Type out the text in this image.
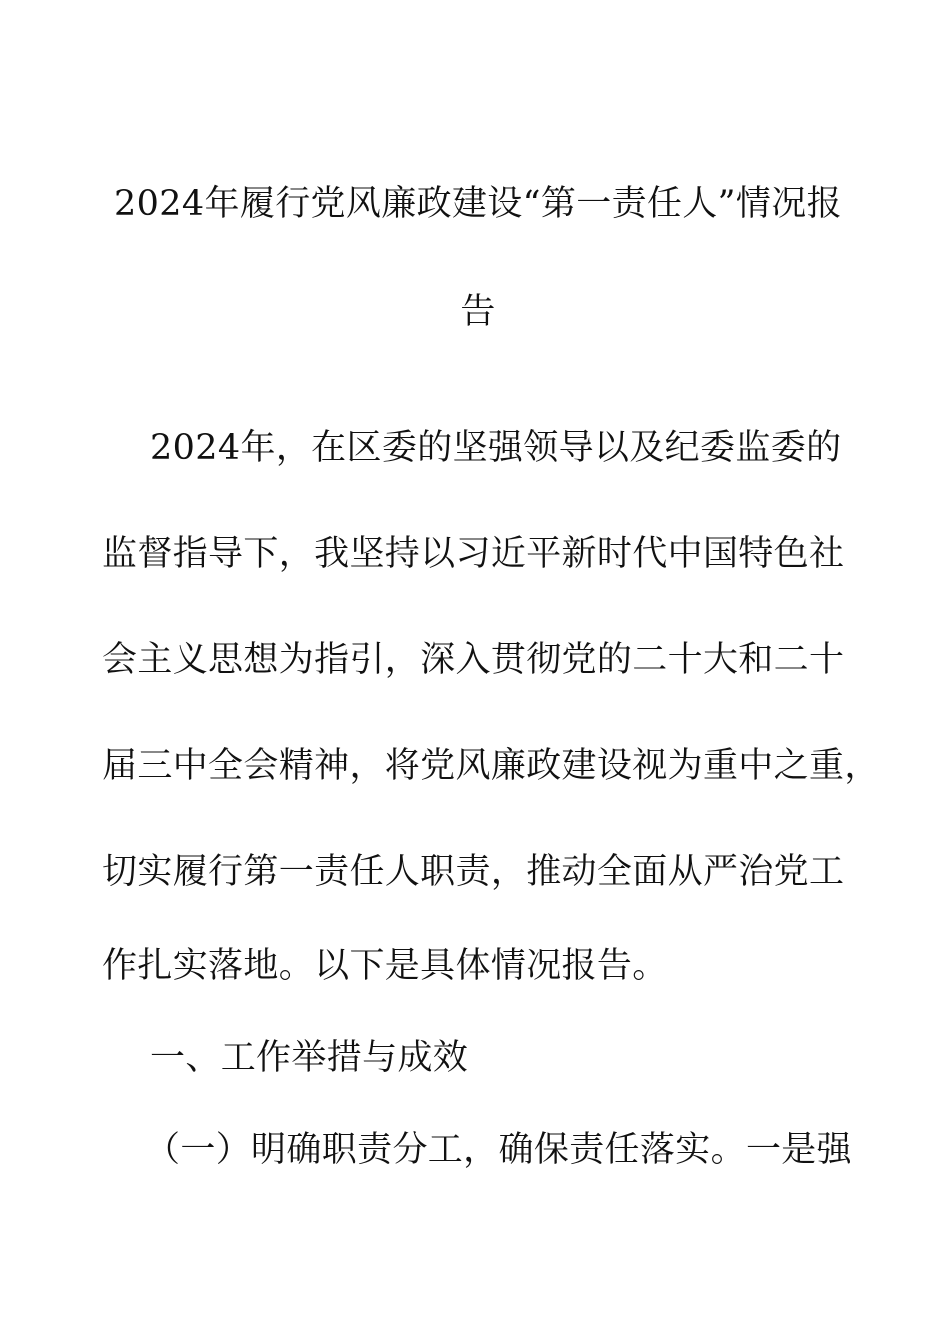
2024年履行党风廉政建设“第一责任人”情况报
告
2024年，在区委的坚强领导以及纪委监委的
监督指导下，我坚持以习近平新时代中国特色社
会主义思想为指引，深入贯彻党的二十大和二十
届三中全会精神，将党风廉政建设视为重中之重，
切实履行第一责任人职责，推动全面从严治党工
作扎实落地。以下是具体情况报告。
一、工作举措与成效
（一）明确职责分工，确保责任落实。一是强
